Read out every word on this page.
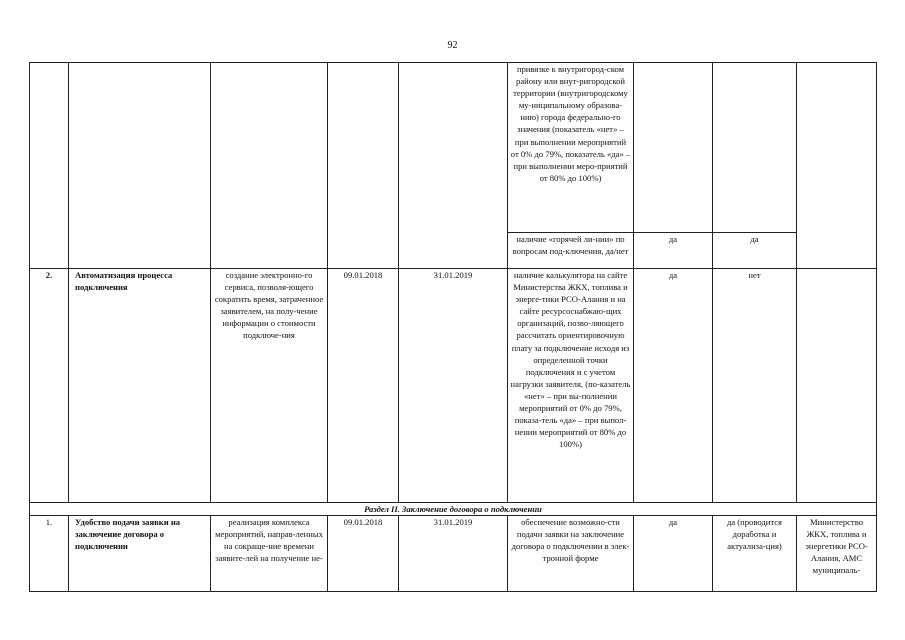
92
					привязке к внутригород-ском району или внут-ригородской территории (внутригородскому му-ниципальному образова-нию) города федерально-го значения (показатель «нет» – при выполнении мероприятий от 0% до 79%, показатель «да» – при выполнении меро-приятий от 80% до 100%)			
					наличие «горячей ли-нии» по вопросам под-ключения, да/нет	да	да	
2.	Автоматизация процесса подключения	создание электронно-го сервиса, позволя-ющего сократить время, затраченное заявителем, на полу-чение информации о стоимости подключе-ния	09.01.2018	31.01.2019	наличие калькулятора на сайте Министерства ЖКХ, топлива и энерге-тики РСО-Алания и на сайте ресурсоснабжаю-щих организаций, позво-ляющего рассчитать ориентировочную плату за подключение исходя из определенной точки подключения и с учетом нагрузки заявителя, (по-казатель «нет» – при вы-полнении мероприятий от 0% до 79%, показа-тель «да» – при выпол-нении мероприятий от 80% до 100%)	да	нет	
Раздел II. Заключение договора о подключении								
1.	Удобство подачи заявки на заключение договора о подключении	реализация комплекса мероприятий, направ-ленных на сокраще-ние времени заявите-лей на получение не-	09.01.2018	31.01.2019	обеспечение возможно-сти подачи заявки на заключение договора о подключении в элек-тронной форме	да	да (проводится доработка и актуализа-ция)	Министерство ЖКХ, топлива и энергетики РСО-Алания, АМС муниципаль-
